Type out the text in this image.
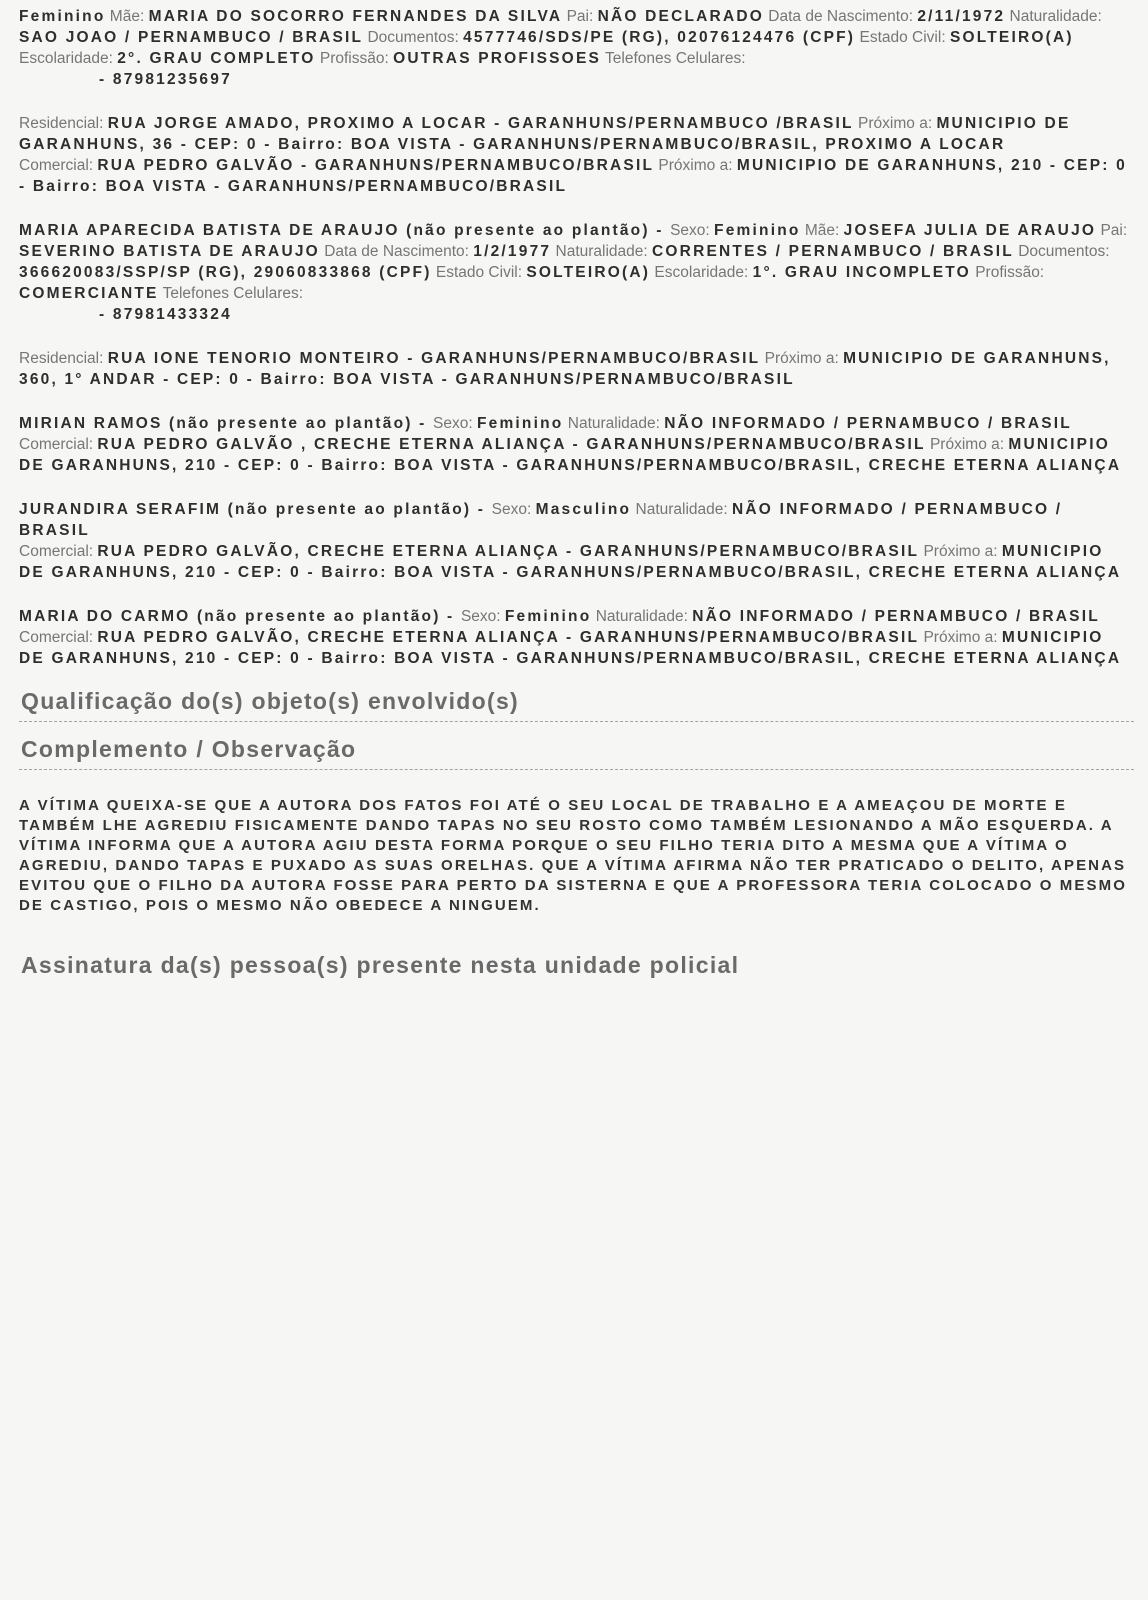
Feminino Mãe: MARIA DO SOCORRO FERNANDES DA SILVA Pai: NÃO DECLARADO Data de Nascimento: 2/11/1972 Naturalidade: SAO JOAO / PERNAMBUCO / BRASIL Documentos: 4577746/SDS/PE (RG), 02076124476 (CPF) Estado Civil: SOLTEIRO(A) Escolaridade: 2°. GRAU COMPLETO Profissão: OUTRAS PROFISSOES Telefones Celulares:
- 87981235697
Residencial: RUA JORGE AMADO, PROXIMO A LOCAR - GARANHUNS/PERNAMBUCO /BRASIL Próximo a: MUNICIPIO DE GARANHUNS, 36 - CEP: 0 - Bairro: BOA VISTA - GARANHUNS/PERNAMBUCO/BRASIL, PROXIMO A LOCAR
Comercial: RUA PEDRO GALVÃO - GARANHUNS/PERNAMBUCO/BRASIL Próximo a: MUNICIPIO DE GARANHUNS, 210 - CEP: 0 - Bairro: BOA VISTA - GARANHUNS/PERNAMBUCO/BRASIL
MARIA APARECIDA BATISTA DE ARAUJO (não presente ao plantão) - Sexo: Feminino Mãe: JOSEFA JULIA DE ARAUJO Pai: SEVERINO BATISTA DE ARAUJO Data de Nascimento: 1/2/1977 Naturalidade: CORRENTES / PERNAMBUCO / BRASIL Documentos: 366620083/SSP/SP (RG), 29060833868 (CPF) Estado Civil: SOLTEIRO(A) Escolaridade: 1°. GRAU INCOMPLETO Profissão: COMERCIANTE Telefones Celulares:
- 87981433324
Residencial: RUA IONE TENORIO MONTEIRO - GARANHUNS/PERNAMBUCO/BRASIL Próximo a: MUNICIPIO DE GARANHUNS, 360, 1° ANDAR - CEP: 0 - Bairro: BOA VISTA - GARANHUNS/PERNAMBUCO/BRASIL
MIRIAN RAMOS (não presente ao plantão) - Sexo: Feminino Naturalidade: NÃO INFORMADO / PERNAMBUCO / BRASIL
Comercial: RUA PEDRO GALVÃO , CRECHE ETERNA ALIANÇA - GARANHUNS/PERNAMBUCO/BRASIL Próximo a: MUNICIPIO DE GARANHUNS, 210 - CEP: 0 - Bairro: BOA VISTA - GARANHUNS/PERNAMBUCO/BRASIL, CRECHE ETERNA ALIANÇA
JURANDIRA SERAFIM (não presente ao plantão) - Sexo: Masculino Naturalidade: NÃO INFORMADO / PERNAMBUCO / BRASIL
Comercial: RUA PEDRO GALVÃO, CRECHE ETERNA ALIANÇA - GARANHUNS/PERNAMBUCO/BRASIL Próximo a: MUNICIPIO DE GARANHUNS, 210 - CEP: 0 - Bairro: BOA VISTA - GARANHUNS/PERNAMBUCO/BRASIL, CRECHE ETERNA ALIANÇA
MARIA DO CARMO (não presente ao plantão) - Sexo: Feminino Naturalidade: NÃO INFORMADO / PERNAMBUCO / BRASIL
Comercial: RUA PEDRO GALVÃO, CRECHE ETERNA ALIANÇA - GARANHUNS/PERNAMBUCO/BRASIL Próximo a: MUNICIPIO DE GARANHUNS, 210 - CEP: 0 - Bairro: BOA VISTA - GARANHUNS/PERNAMBUCO/BRASIL, CRECHE ETERNA ALIANÇA
Qualificação do(s) objeto(s) envolvido(s)
Complemento / Observação
A VÍTIMA QUEIXA-SE QUE A AUTORA DOS FATOS FOI ATÉ O SEU LOCAL DE TRABALHO E A AMEAÇOU DE MORTE E TAMBÉM LHE AGREDIU FISICAMENTE DANDO TAPAS NO SEU ROSTO COMO TAMBÉM LESIONANDO A MÃO ESQUERDA. A VÍTIMA INFORMA QUE A AUTORA AGIU DESTA FORMA PORQUE O SEU FILHO TERIA DITO A MESMA QUE A VÍTIMA O AGREDIU, DANDO TAPAS E PUXADO AS SUAS ORELHAS. QUE A VÍTIMA AFIRMA NÃO TER PRATICADO O DELITO, APENAS EVITOU QUE O FILHO DA AUTORA FOSSE PARA PERTO DA SISTERNA E QUE A PROFESSORA TERIA COLOCADO O MESMO DE CASTIGO, POIS O MESMO NÃO OBEDECE A NINGUEM.
Assinatura da(s) pessoa(s) presente nesta unidade policial
